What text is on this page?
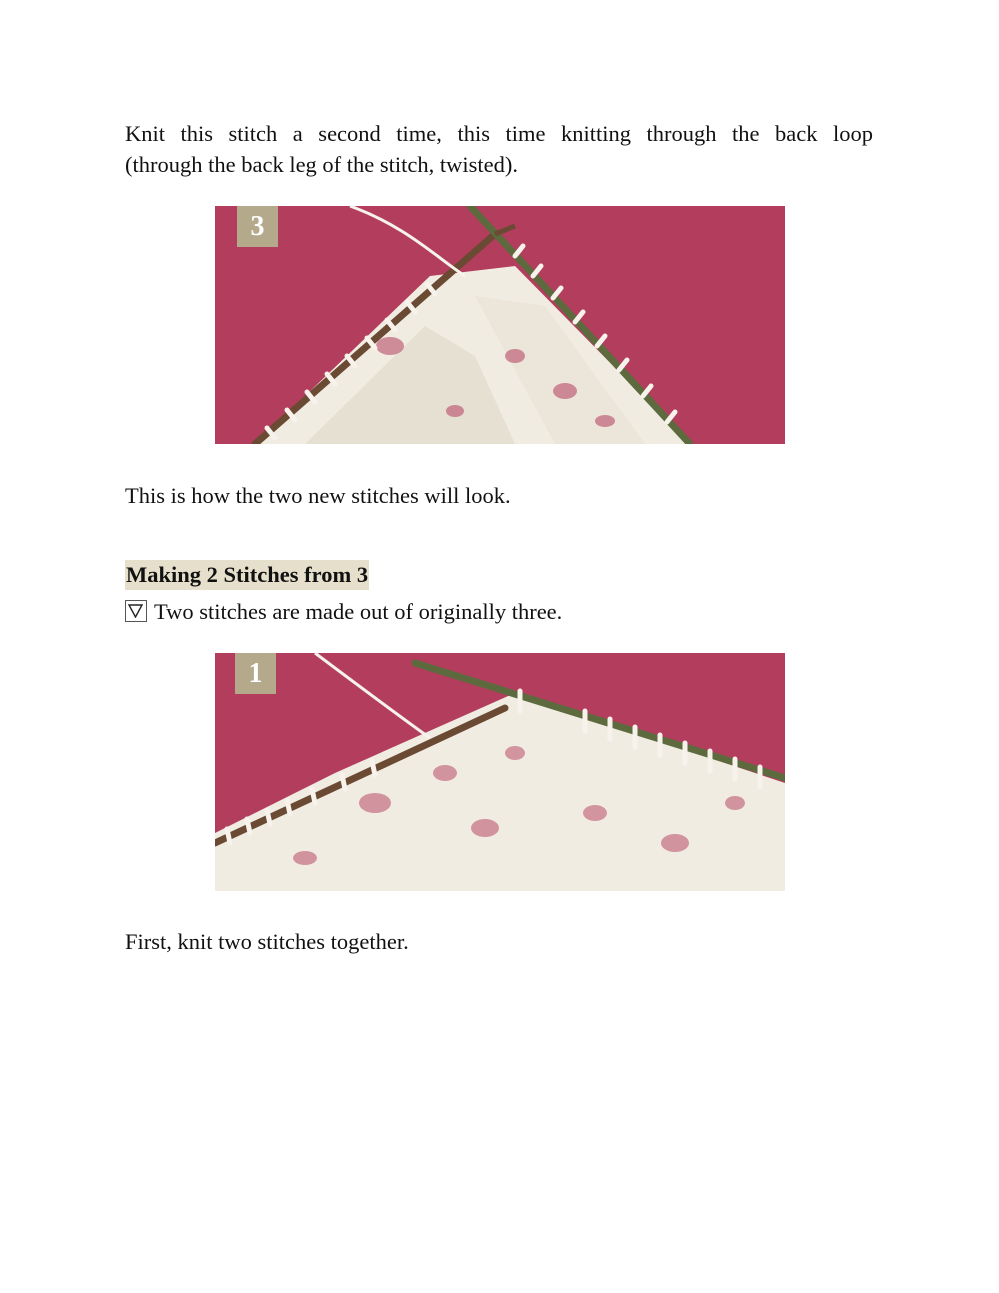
Knit this stitch a second time, this time knitting through the back loop
(through the back leg of the stitch, twisted).

3

This is how the two new stitches will look.

Making 2 Stitches from 3

Two stitches are made out of originally three.

1

First, knit two stitches together.
